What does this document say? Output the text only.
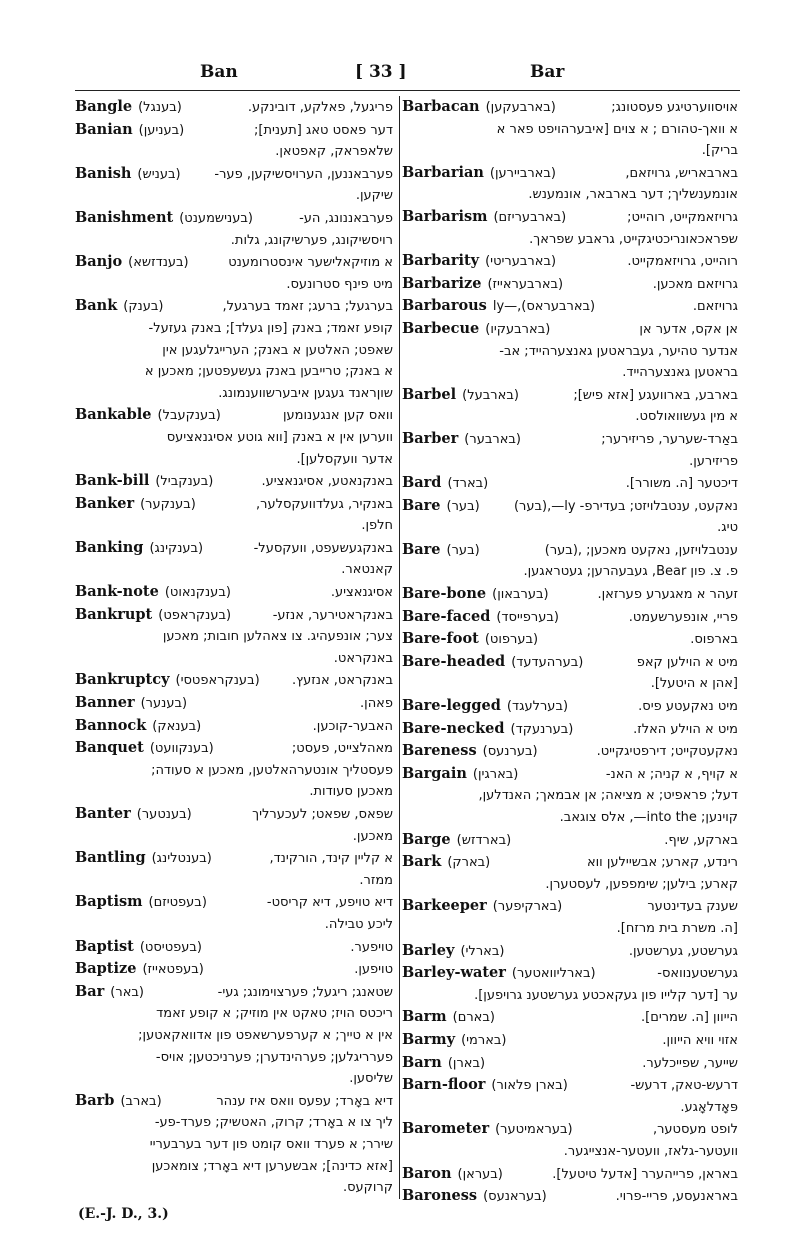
Ban	[ 33 ]	Bar
Bangle (בענגל)	פריגעל, פאלקע, דובינקע.
Banian (בעניען)	דער פאסט טאג [תענית];
שלאפראק, קאפטאן.
Banish (בעניש)	פערבאננען, הערויסשיקען, פער-
שיקען.
Banishment (בענישמענט)	פערבאננונג, הע-
רויסשיקונג, פערשיקונג, גלות.
Banjo (בענדזשא)	א מוזיקאלישער אינסטרומענט
מיט פינף סטרונעס.
Bank (בענק)	בערגעל; ברעג; זאמד בערגעל,
קופע זאמד; באנק [פון געלד]; באנק געזעל-
שאפט; האלטען א באנק; הערייגלעגען אין
א באנק; טרייבען באנק געשעפטען; מאכען א
שוןראנד געגען איבערשווענמונג.
Bankable (בענקעבל)	וואס קען אנגענומען
ווערען אין א באנק [ווא גוטע אסיגנאציעס
אדער וועקסלען].
Bank-bill (בענקביל)	באנקנאטע, אסיגנאציע.
Banker (בענקער)	באנקיר, געלדוועקסלער,
חלפן.
Banking (בענקינג)	באנקגעשעפט, וועקסעל-
קאנטאר.
Bank-note (בענקנאוט)	אסיגנאציע.
Bankrupt (בענקראפט)	באנקראטירער, אנזע-
צער; אונפעהיג. צו צאהלען חובות; מאכען
באנקראט.
Bankruptcy (בענקראפטסי)	באנקראט, אנזעץ.
Banner (בענער)	פאהן.
Bannock (בענאק)	האבער-קוכען.
Banquet (בענקוועט)	מאהלצייט, פעסט;
פעסטליך אונטערהאלטען, מאכען א סעודה;
מאכען סעודות.
Banter (בענטער)	שפאס, שפאט; לעכערליך
מאכען.
Bantling (בענטלינג)	א קליין קינד, הורקינד,
ממזר.
Baptism (בעפטיזם)	דיא טויפע, דיא קריסט-
ליכע טבילה.
Baptist (בעפטיסט)	טויפער.
Baptize (בעפטאייז)	טויפען.
Bar (באר)	שטאנג; ריגעל; פערצוימונג; געי-
ריכטס הויז; טאקט אין מוזיק; א קופע זאמד
אין א טייך; א קערפערשאפט פון אדוואקאטען;
פערריגלען; פערהינדערן; פערניכטען; אויס-
שליסען.
Barb (בארב)	דיא באָרד; עפעס וואס איז ענהר
ליך צו א באָרד; קרוק, האטשיק; פערד-פע-
שירר; א פערד וואס קומט פון דער בערבעריי
[אזא כדינה]; אבשערען דיא באָרד; צומאכען
קרוקעס.
Barbacan (בארבעקען)	אויסווערטיגע פעסטונג;
א וואך-טהורם ; א צוים [איבערהויפט פאר א
בריק].
Barbarian (בארביירען)	בארבאריש, גרויזאם,
אונמענשליך; דער בארבאר, אונמענש.
Barbarism (בארבעריזם)	גרויזאמקייט, רוהייט;
שפראכאונריכטיגקייט, גראבע שפראך.
Barbarity (בארבעריטי)	רוהייט, גרויזאמקייט.
Barbarize (בארבעראייז)	גרויזאם מאכען.
Barbarous (בארבעראס),—ly	גרויזאם.
Barbecue (בארבעקיו)	אן אקס, אדער אן
אנדער טהיער, געבראטען גאנצערהייד; אב-
בראטען גאנצערהייד.
Barbel (בארבעל)	בארבע, בארוועגע [אזא פיש];
א מין געשוואולסט.
Barber (בארבער)	באַרד-שערער, פריזירער;
פריזירען.
Bard (בארד)	דיכטער [ה. משורר].
Bare (בער)	נאקעט, ענטבלויזט; בעדירפ- ly—,(בער)
טיג.
Bare (בער)	ענטבלויזען, נאקעט מאכען; ,(בער)
פ. צ. פון Bear, געבעהרען; געטראגען.
Bare-bone (בערבאון)	זעהר א מאגערע פערזאן.
Bare-faced (בערפייסד)	פריי, אונפערשעמט.
Bare-foot (בערפוט)	בארפוס.
Bare-headed (בערהעדעד)	מיט א הוילען קאפ
[אהן א היטעל].
Bare-legged (בערלעגד)	מיט נאקעטע פיס.
Bare-necked (בערנעקד)	מיט א הוילע האלז.
Bareness (בערנעס)	נאקעטקייט; דירפטיגקייט.
Bargain (בארגין)	א קויף, א קניה; א האנ-
דעל; פראפיט; א מציאה; אן אבמאך; האנדלען,
קוינען; into the—, אלס צוגאב.
Barge (בארדזש)	בארקע, שיף.
Bark (בארק)	רינדע, קארע; אבשיילען ווא
קארע; בילען; שימפפען, לעסטערן.
Barkeeper (בארקיפער)	שענק בעדינטער
[ה. משרת בית מרזח].
Barley (בארלי)	גערשטע, גערשטען.
Barley-water (בארליוואטער)	גערשטענוואס-
ער [דער קלייו פון געקאכטע גערשטענ גרויפען].
Barm (בארם)	הייוון [ה. שמרים].
Barmy (בארמי)	אזוי וויא הייוון.
Barn (בארן)	שייער, שפייכלער.
Barn-floor (בארן פלאור)	דרעש-טאק, דרעש-
פּאָדלאָגע.
Barometer (בעראמיטער)	לופט מעסטער,
וועטער-גלאז, וועטער-אנצייגער.
Baron (בעראן)	באראן, פרייהערר [אדעל טיטעל].
Baroness (בעראנעס)	באראנעסע, פריי-פרוי.
(E.-J. D., 3.)
